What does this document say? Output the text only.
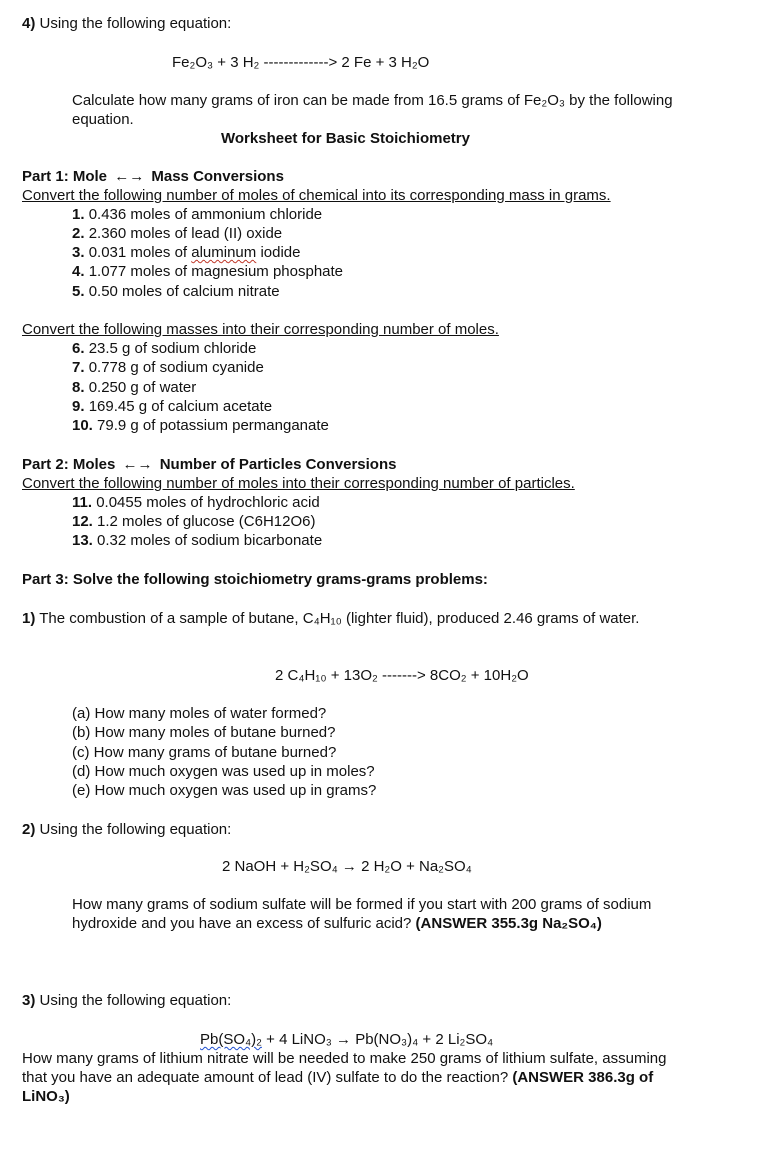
4) Using the following equation:
Fe₂O₃ + 3 H₂ -------------> 2 Fe + 3 H₂O
Calculate how many grams of iron can be made from 16.5 grams of Fe₂O₃ by the following equation.
Worksheet for Basic Stoichiometry
Part 1: Mole ←→ Mass Conversions
Convert the following number of moles of chemical into its corresponding mass in grams.
1. 0.436 moles of ammonium chloride
2. 2.360 moles of lead (II) oxide
3. 0.031 moles of aluminum iodide
4. 1.077 moles of magnesium phosphate
5. 0.50 moles of calcium nitrate
Convert the following masses into their corresponding number of moles.
6. 23.5 g of sodium chloride
7. 0.778 g of sodium cyanide
8. 0.250 g of water
9. 169.45 g of calcium acetate
10. 79.9 g of potassium permanganate
Part 2: Moles ←→ Number of Particles Conversions
Convert the following number of moles into their corresponding number of particles.
11. 0.0455 moles of hydrochloric acid
12. 1.2 moles of glucose (C6H12O6)
13. 0.32 moles of sodium bicarbonate
Part 3: Solve the following stoichiometry grams-grams problems:
1) The combustion of a sample of butane, C₄H₁₀ (lighter fluid), produced 2.46 grams of water.
2 C₄H₁₀ + 13O₂ -------> 8CO₂ + 10H₂O
(a) How many moles of water formed?
(b) How many moles of butane burned?
(c) How many grams of butane burned?
(d) How much oxygen was used up in moles?
(e) How much oxygen was used up in grams?
2) Using the following equation:
2 NaOH + H₂SO₄ → 2 H₂O + Na₂SO₄
How many grams of sodium sulfate will be formed if you start with 200 grams of sodium hydroxide and you have an excess of sulfuric acid? (ANSWER 355.3g Na₂SO₄)
3) Using the following equation:
Pb(SO₄)₂ + 4 LiNO₃ → Pb(NO₃)₄ + 2 Li₂SO₄
How many grams of lithium nitrate will be needed to make 250 grams of lithium sulfate, assuming that you have an adequate amount of lead (IV) sulfate to do the reaction? (ANSWER 386.3g of LiNO₃)
